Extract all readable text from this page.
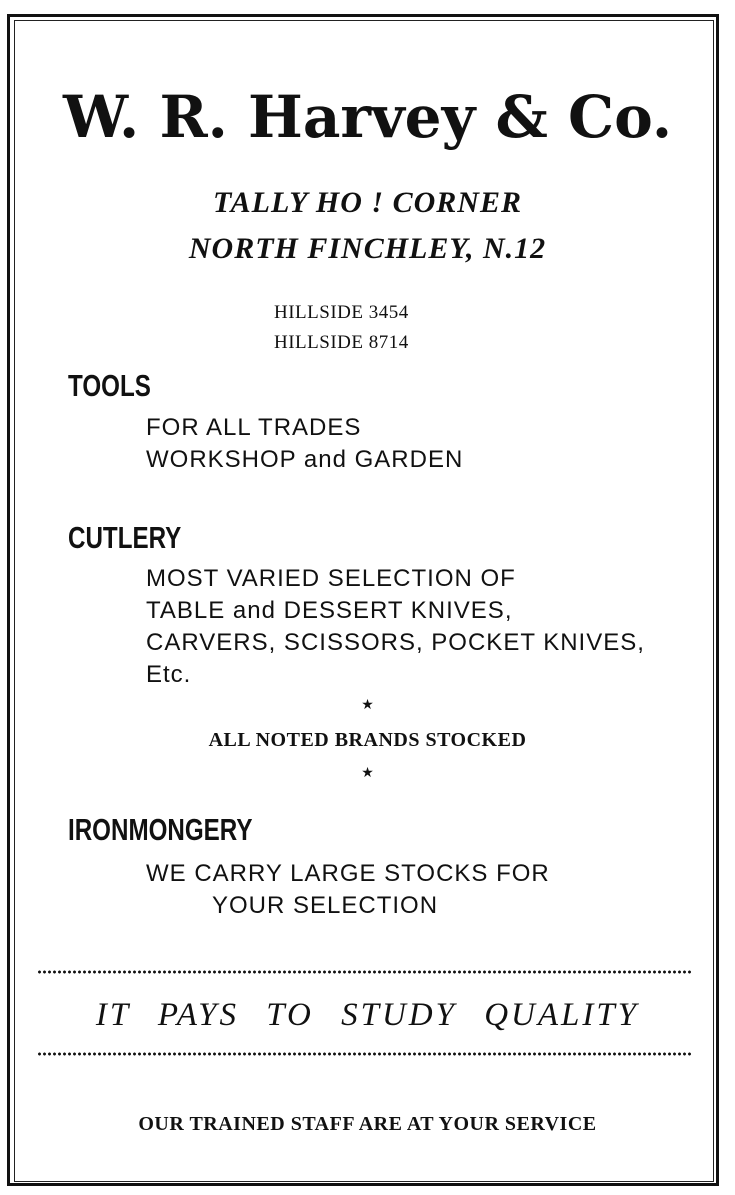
W. R. Harvey & Co.
TALLY HO ! CORNER
NORTH FINCHLEY, N.12
HILLSIDE 3454
HILLSIDE 8714
TOOLS
FOR ALL TRADES
WORKSHOP and GARDEN
CUTLERY
MOST VARIED SELECTION OF
TABLE and DESSERT KNIVES,
CARVERS, SCISSORS, POCKET KNIVES,
Etc.
★
ALL NOTED BRANDS STOCKED
★
IRONMONGERY
WE CARRY LARGE STOCKS FOR
YOUR SELECTION
IT PAYS TO STUDY QUALITY
OUR TRAINED STAFF ARE AT YOUR SERVICE
